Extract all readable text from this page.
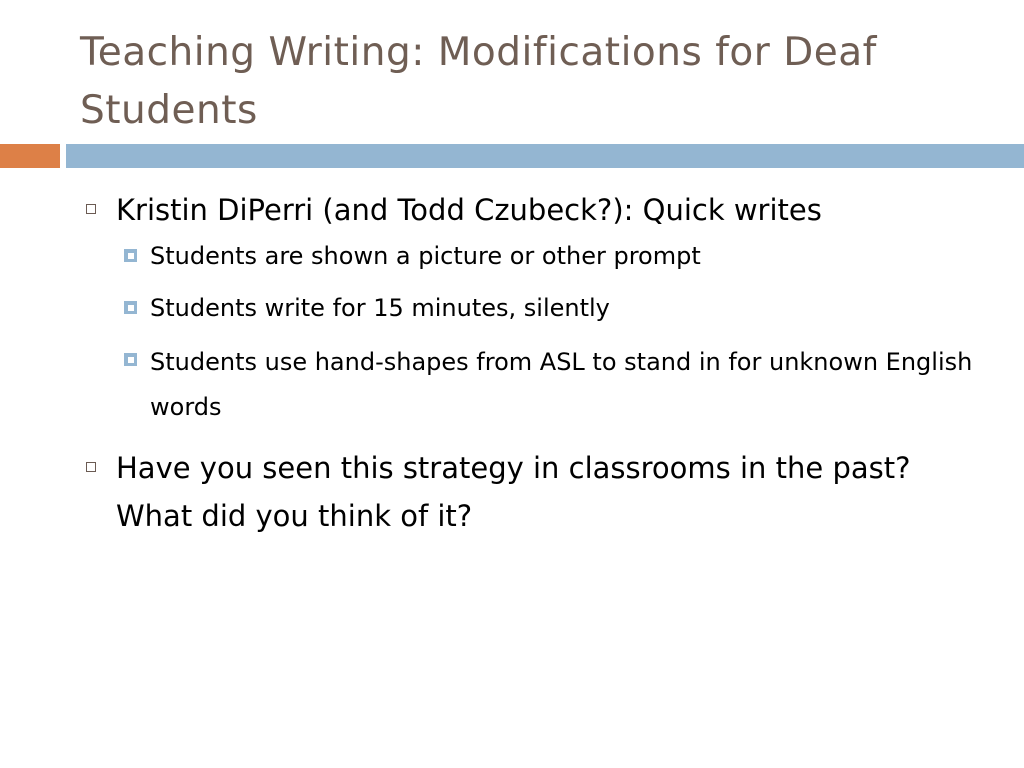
Teaching Writing: Modifications for Deaf Students
Kristin DiPerri (and Todd Czubeck?): Quick writes
Students are shown a picture or other prompt
Students write for 15 minutes, silently
Students use hand-shapes from ASL to stand in for unknown English words
Have you seen this strategy in classrooms in the past? What did you think of it?
